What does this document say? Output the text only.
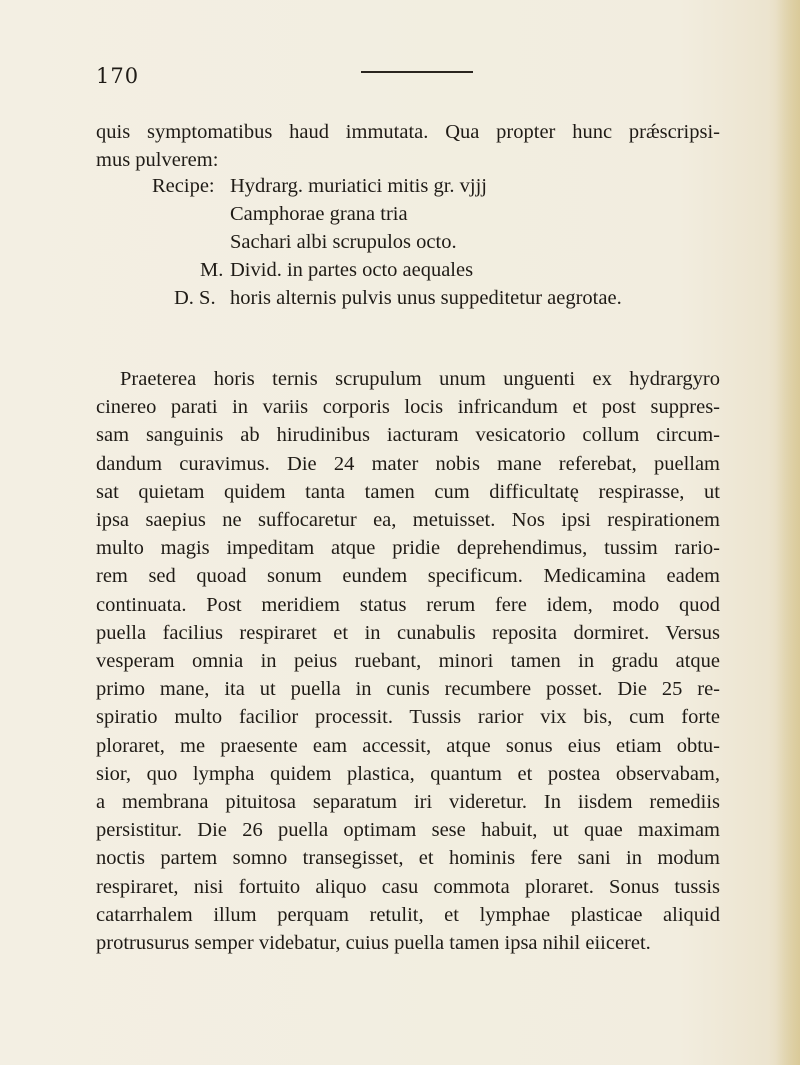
170
quis symptomatibus haud immutata. Qua propter hunc prǽscripsi-
mus pulverem:
Recipe: Hydrarg. muriatici mitis gr. vjjj
Camphorae grana tria
Sachari albi scrupulos octo.
M. Divid. in partes octo aequales
D. S. horis alternis pulvis unus suppeditetur aegrotae.
Praeterea horis ternis scrupulum unum unguenti ex hydrargyro
cinereo parati in variis corporis locis infricandum et post suppres-
sam sanguinis ab hirudinibus iacturam vesicatorio collum circum-
dandum curavimus. Die 24 mater nobis mane referebat, puellam
sat quietam quidem tanta tamen cum difficultatę respirasse, ut
ipsa saepius ne suffocaretur ea, metuisset. Nos ipsi respirationem
multo magis impeditam atque pridie deprehendimus, tussim rario-
rem sed quoad sonum eundem specificum. Medicamina eadem
continuata. Post meridiem status rerum fere idem, modo quod
puella facilius respiraret et in cunabulis reposita dormiret. Versus
vesperam omnia in peius ruebant, minori tamen in gradu atque
primo mane, ita ut puella in cunis recumbere posset. Die 25 re-
spiratio multo facilior processit. Tussis rarior vix bis, cum forte
ploraret, me praesente eam accessit, atque sonus eius etiam obtu-
sior, quo lympha quidem plastica, quantum et postea observabam,
a membrana pituitosa separatum iri videretur. In iisdem remediis
persistitur. Die 26 puella optimam sese habuit, ut quae maximam
noctis partem somno transegisset, et hominis fere sani in modum
respiraret, nisi fortuito aliquo casu commota ploraret. Sonus tussis
catarrhalem illum perquam retulit, et lymphae plasticae aliquid
protrusurus semper videbatur, cuius puella tamen ipsa nihil eiiceret.
